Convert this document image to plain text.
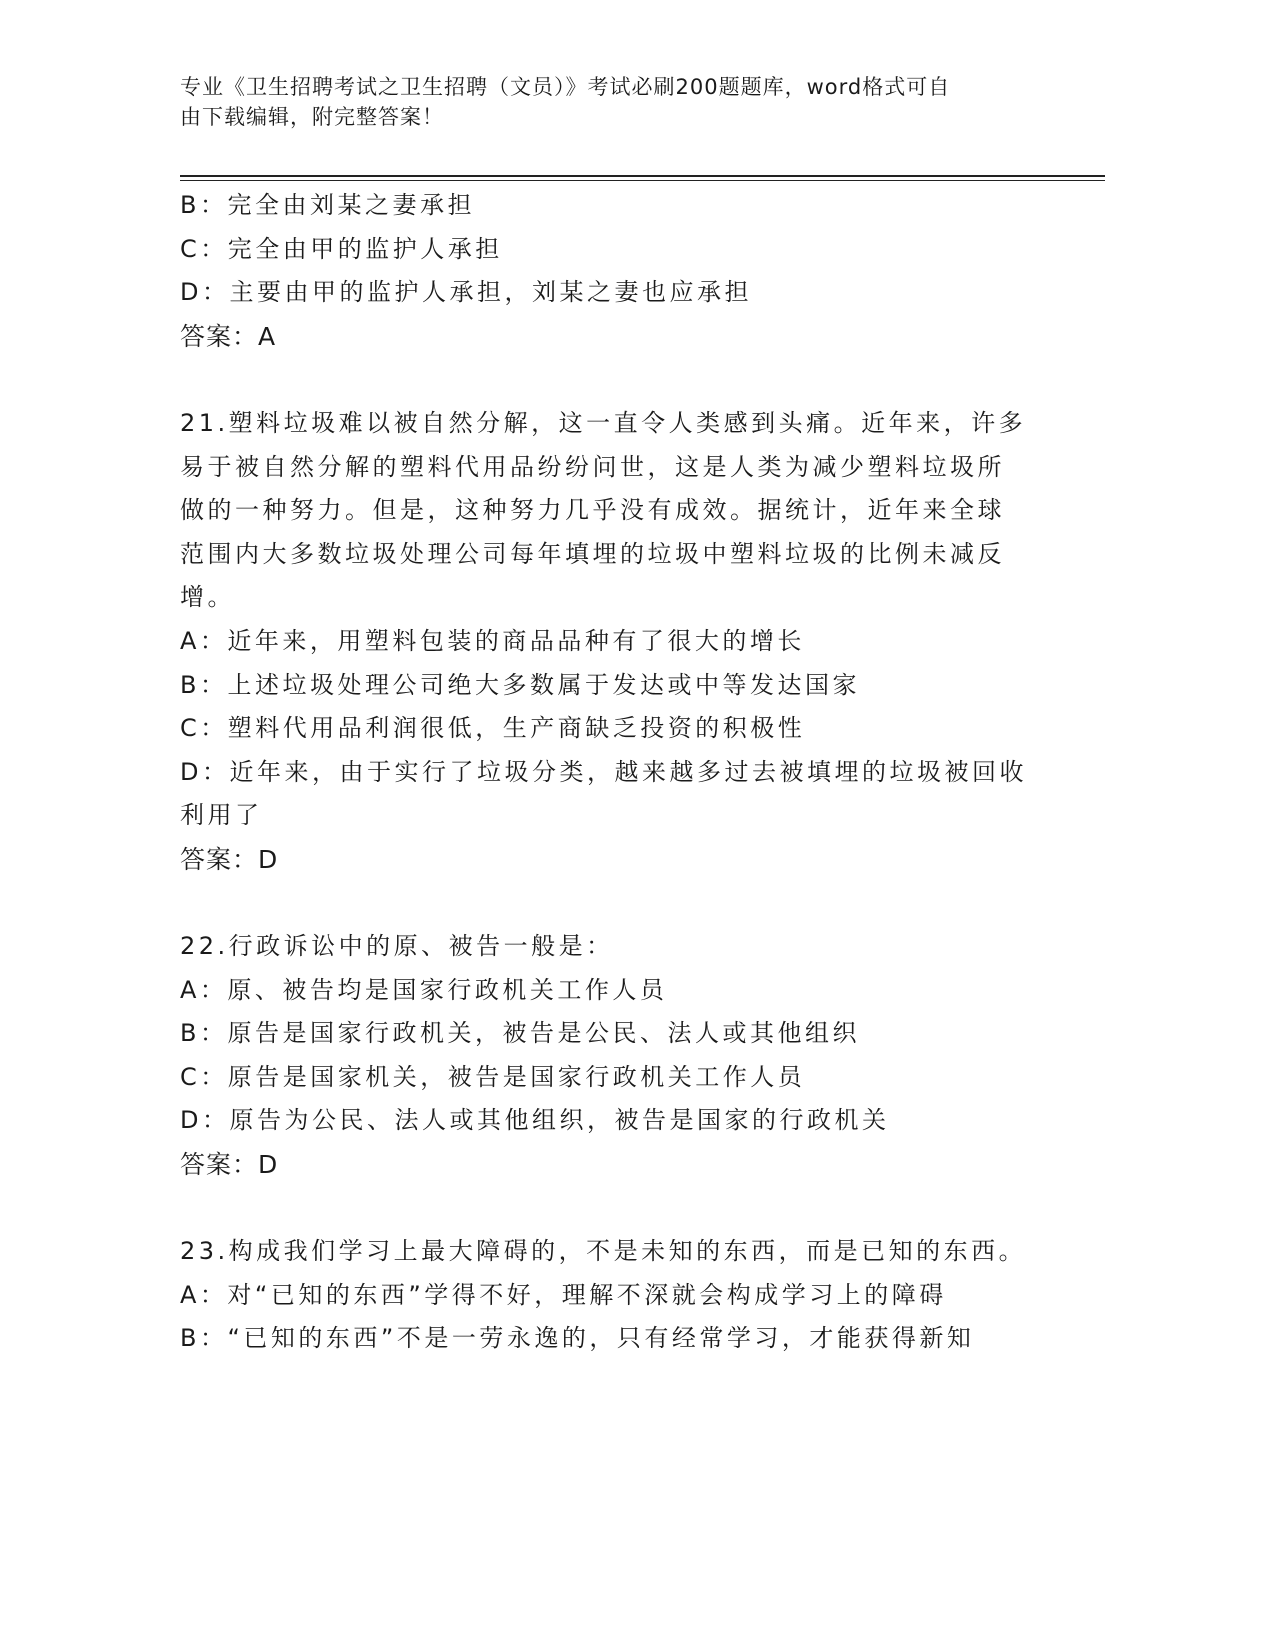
专业《卫生招聘考试之卫生招聘（文员）》考试必刷200题题库，word格式可自
由下载编辑，附完整答案！
B：完全由刘某之妻承担
C：完全由甲的监护人承担
D：主要由甲的监护人承担，刘某之妻也应承担
答案：A
21.塑料垃圾难以被自然分解，这一直令人类感到头痛。近年来，许多
易于被自然分解的塑料代用品纷纷问世，这是人类为减少塑料垃圾所
做的一种努力。但是，这种努力几乎没有成效。据统计，近年来全球
范围内大多数垃圾处理公司每年填埋的垃圾中塑料垃圾的比例未减反
增。
A：近年来，用塑料包装的商品品种有了很大的增长
B：上述垃圾处理公司绝大多数属于发达或中等发达国家
C：塑料代用品利润很低，生产商缺乏投资的积极性
D：近年来，由于实行了垃圾分类，越来越多过去被填埋的垃圾被回收
利用了
答案：D
22.行政诉讼中的原、被告一般是：
A：原、被告均是国家行政机关工作人员
B：原告是国家行政机关，被告是公民、法人或其他组织
C：原告是国家机关，被告是国家行政机关工作人员
D：原告为公民、法人或其他组织，被告是国家的行政机关
答案：D
23.构成我们学习上最大障碍的，不是未知的东西，而是已知的东西。
A：对“已知的东西”学得不好，理解不深就会构成学习上的障碍
B：“已知的东西”不是一劳永逸的，只有经常学习，才能获得新知
